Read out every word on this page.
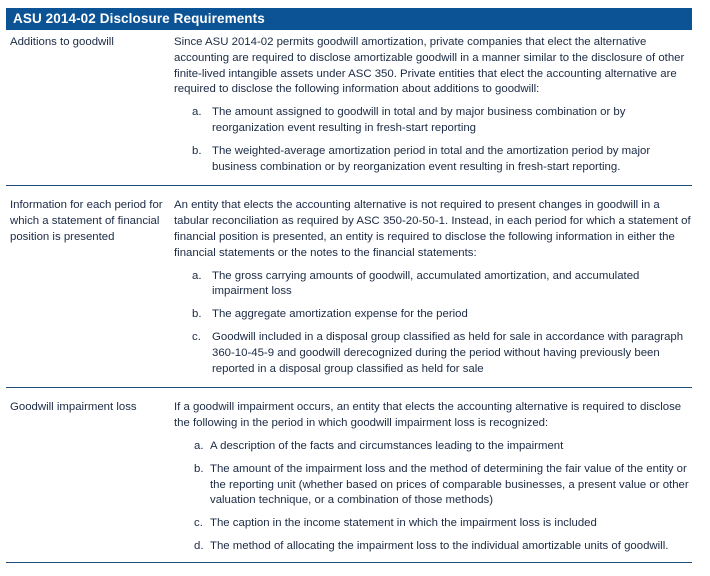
ASU 2014-02 Disclosure Requirements
Additions to goodwill	Since ASU 2014-02 permits goodwill amortization, private companies that elect the alternative accounting are required to disclose amortizable goodwill in a manner similar to the disclosure of other finite-lived intangible assets under ASC 350. Private entities that elect the accounting alternative are required to disclose the following information about additions to goodwill:

a. The amount assigned to goodwill in total and by major business combination or by reorganization event resulting in fresh-start reporting
b. The weighted-average amortization period in total and the amortization period by major business combination or by reorganization event resulting in fresh-start reporting.
Information for each period for which a statement of financial position is presented

An entity that elects the accounting alternative is not required to present changes in goodwill in a tabular reconciliation as required by ASC 350-20-50-1. Instead, in each period for which a statement of financial position is presented, an entity is required to disclose the following information in either the financial statements or the notes to the financial statements:

a. The gross carrying amounts of goodwill, accumulated amortization, and accumulated impairment loss
b. The aggregate amortization expense for the period
c. Goodwill included in a disposal group classified as held for sale in accordance with paragraph 360-10-45-9 and goodwill derecognized during the period without having previously been reported in a disposal group classified as held for sale
Goodwill impairment loss	If a goodwill impairment occurs, an entity that elects the accounting alternative is required to disclose the following in the period in which goodwill impairment loss is recognized:

a. A description of the facts and circumstances leading to the impairment
b. The amount of the impairment loss and the method of determining the fair value of the entity or the reporting unit (whether based on prices of comparable businesses, a present value or other valuation technique, or a combination of those methods)
c. The caption in the income statement in which the impairment loss is included
d. The method of allocating the impairment loss to the individual amortizable units of goodwill.
